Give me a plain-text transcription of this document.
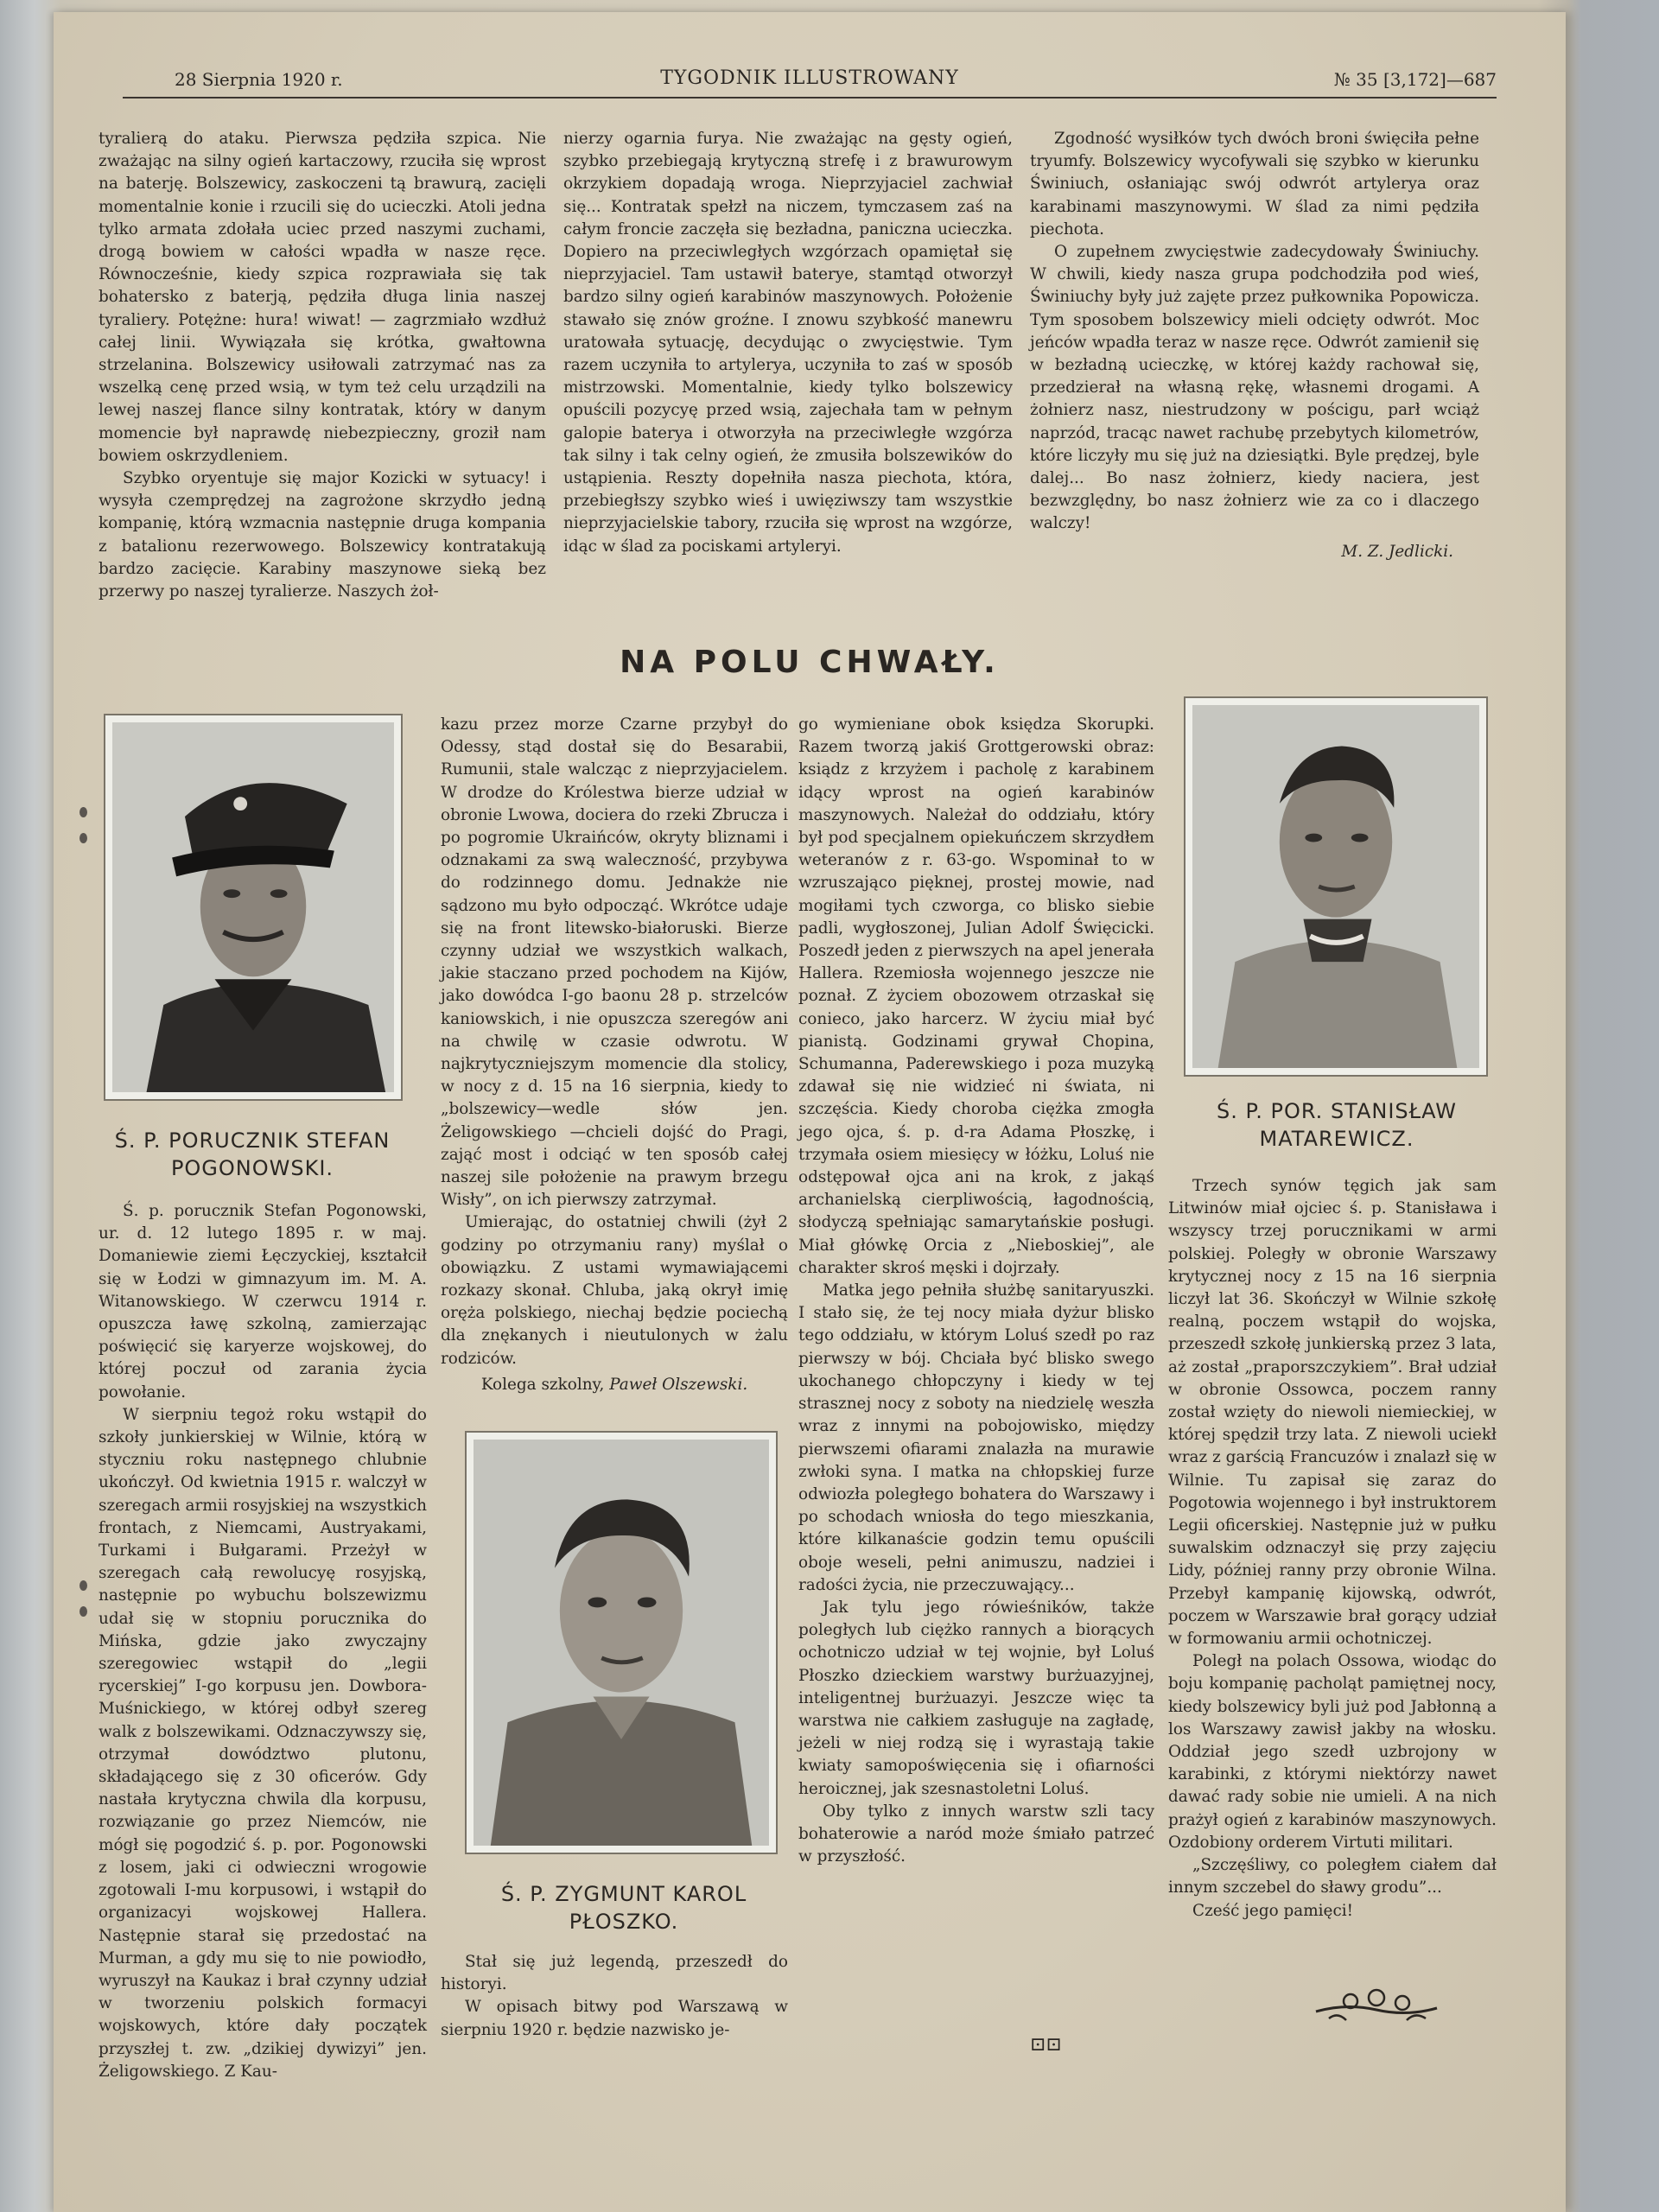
28 Sierpnia 1920 r.	TYGODNIK ILLUSTROWANY	№ 35 [3,172]—687

tyralierą do ataku. Pierwsza pędziła szpica. Nie zważając na silny ogień kartaczowy, rzuciła się wprost na baterję. Bolszewicy, zaskoczeni tą brawurą, zacięli momentalnie konie i rzucili się do ucieczki. Atoli jedna tylko armata zdołała uciec przed naszymi zuchami, drogą bowiem w całości wpadła w nasze ręce. Równocześnie, kiedy szpica rozprawiała się tak bohatersko z baterją, pędziła długa linia naszej tyraliery. Potężne: hura! wiwat! — zagrzmiało wzdłuż całej linii. Wywiązała się krótka, gwałtowna strzelanina. Bolszewicy usiłowali zatrzymać nas za wszelką cenę przed wsią, w tym też celu urządzili na lewej naszej flance silny kontratak, który w danym momencie był naprawdę niebezpieczny, groził nam bowiem oskrzydleniem.

Szybko oryentuje się major Kozicki w sytuacy! i wysyła czemprędzej na zagrożone skrzydło jedną kompanię, którą wzmacnia następnie druga kompania z batalionu rezerwowego. Bolszewicy kontratakują bardzo zacięcie. Karabiny maszynowe sieką bez przerwy po naszej tyralierze. Naszych żoł-

nierzy ogarnia furya. Nie zważając na gęsty ogień, szybko przebiegają krytyczną strefę i z brawurowym okrzykiem dopadają wroga. Nieprzyjaciel zachwiał się... Kontratak spełzł na niczem, tymczasem zaś na całym froncie zaczęła się bezładna, paniczna ucieczka. Dopiero na przeciwległych wzgórzach opamiętał się nieprzyjaciel. Tam ustawił baterye, stamtąd otworzył bardzo silny ogień karabinów maszynowych. Położenie stawało się znów groźne. I znowu szybkość manewru uratowała sytuację, decydując o zwycięstwie. Tym razem uczyniła to artylerya, uczyniła to zaś w sposób mistrzowski. Momentalnie, kiedy tylko bolszewicy opuścili pozycyę przed wsią, zajechała tam w pełnym galopie baterya i otworzyła na przeciwległe wzgórza tak silny i tak celny ogień, że zmusiła bolszewików do ustąpienia. Reszty dopełniła nasza piechota, która, przebiegłszy szybko wieś i uwięziwszy tam wszystkie nieprzyjacielskie tabory, rzuciła się wprost na wzgórze, idąc w ślad za pociskami artyleryi.

Zgodność wysiłków tych dwóch broni święciła pełne tryumfy. Bolszewicy wycofywali się szybko w kierunku Świniuch, osłaniając swój odwrót artylerya oraz karabinami maszynowymi. W ślad za nimi pędziła piechota.

O zupełnem zwycięstwie zadecydowały Świniuchy. W chwili, kiedy nasza grupa podchodziła pod wieś, Świniuchy były już zajęte przez pułkownika Popowicza. Tym sposobem bolszewicy mieli odcięty odwrót. Moc jeńców wpadła teraz w nasze ręce. Odwrót zamienił się w bezładną ucieczkę, w której każdy rachował się, przedzierał na własną rękę, własnemi drogami. A żołnierz nasz, niestrudzony w pościgu, parł wciąż naprzód, tracąc nawet rachubę przebytych kilometrów, które liczyły mu się już na dziesiątki. Byle prędzej, byle dalej... Bo nasz żołnierz, kiedy naciera, jest bezwzględny, bo nasz żołnierz wie za co i dlaczego walczy!

M. Z. Jedlicki.
NA POLU CHWAŁY.
Ś. P. PORUCZNIK STEFAN POGONOWSKI.

Ś. p. porucznik Stefan Pogonowski, ur. d. 12 lutego 1895 r. w maj. Domaniewie ziemi Łęczyckiej, kształcił się w Łodzi w gimnazyum im. M. A. Witanowskiego. W czerwcu 1914 r. opuszcza ławę szkolną, zamierzając poświęcić się karyerze wojskowej, do której poczuł od zarania życia powołanie.

W sierpniu tegoż roku wstąpił do szkoły junkierskiej w Wilnie, którą w styczniu roku następnego chlubnie ukończył. Od kwietnia 1915 r. walczył w szeregach armii rosyjskiej na wszystkich frontach, z Niemcami, Austryakami, Turkami i Bułgarami. Przeżył w szeregach całą rewolucyę rosyjską, następnie po wybuchu bolszewizmu udał się w stopniu porucznika do Mińska, gdzie jako zwyczajny szeregowiec wstąpił do „legii rycerskiej” I-go korpusu jen. Dowbora-Muśnickiego, w której odbył szereg walk z bolszewikami. Odznaczywszy się, otrzymał dowództwo plutonu, składającego się z 30 oficerów. Gdy nastała krytyczna chwila dla korpusu, rozwiązanie go przez Niemców, nie mógł się pogodzić ś. p. por. Pogonowski z losem, jaki ci odwieczni wrogowie zgotowali I-mu korpusowi, i wstąpił do organizacyi wojskowej Hallera. Następnie starał się przedostać na Murman, a gdy mu się to nie powiodło, wyruszył na Kaukaz i brał czynny udział w tworzeniu polskich formacyi wojskowych, które dały początek przyszłej t. zw. „dzikiej dywizyi” jen. Żeligowskiego. Z Kau-

kazu przez morze Czarne przybył do Odessy, stąd dostał się do Besarabii, Rumunii, stale walcząc z nieprzyjacielem. W drodze do Królestwa bierze udział w obronie Lwowa, dociera do rzeki Zbrucza i po pogromie Ukraińców, okryty bliznami i odznakami za swą waleczność, przybywa do rodzinnego domu. Jednakże nie sądzono mu było odpocząć. Wkrótce udaje się na front litewsko-białoruski. Bierze czynny udział we wszystkich walkach, jakie staczano przed pochodem na Kijów, jako dowódca I-go baonu 28 p. strzelców kaniowskich, i nie opuszcza szeregów ani na chwilę w czasie odwrotu. W najkrytyczniejszym momencie dla stolicy, w nocy z d. 15 na 16 sierpnia, kiedy to „bolszewicy—wedle słów jen. Żeligowskiego —chcieli dojść do Pragi, zająć most i odciąć w ten sposób całej naszej sile położenie na prawym brzegu Wisły”, on ich pierwszy zatrzymał.

Umierając, do ostatniej chwili (żył 2 godziny po otrzymaniu rany) myślał o obowiązku. Z ustami wymawiającemi rozkazy skonał. Chluba, jaką okrył imię oręża polskiego, niechaj będzie pociechą dla znękanych i nieutulonych w żalu rodziców.

Kolega szkolny, Paweł Olszewski.

Ś. P. ZYGMUNT KAROL PŁOSZKO.

Stał się już legendą, przeszedł do historyi.

W opisach bitwy pod Warszawą w sierpniu 1920 r. będzie nazwisko je-

go wymieniane obok księdza Skorupki. Razem tworzą jakiś Grottgerowski obraz: ksiądz z krzyżem i pacholę z karabinem idący wprost na ogień karabinów maszynowych. Należał do oddziału, który był pod specjalnem opiekuńczem skrzydłem weteranów z r. 63-go. Wspominał to w wzruszająco pięknej, prostej mowie, nad mogiłami tych czworga, co blisko siebie padli, wygłoszonej, Julian Adolf Święcicki. Poszedł jeden z pierwszych na apel jenerała Hallera. Rzemiosła wojennego jeszcze nie poznał. Z życiem obozowem otrzaskał się conieco, jako harcerz. W życiu miał być pianistą. Godzinami grywał Chopina, Schumanna, Paderewskiego i poza muzyką zdawał się nie widzieć ni świata, ni szczęścia. Kiedy choroba ciężka zmogła jego ojca, ś. p. d-ra Adama Płoszkę, i trzymała osiem miesięcy w łóżku, Loluś nie odstępował ojca ani na krok, z jakąś archanielską cierpliwością, łagodnością, słodyczą spełniając samarytańskie posługi. Miał główkę Orcia z „Nieboskiej”, ale charakter skroś męski i dojrzały.

Matka jego pełniła służbę sanitaryuszki. I stało się, że tej nocy miała dyżur blisko tego oddziału, w którym Loluś szedł po raz pierwszy w bój. Chciała być blisko swego ukochanego chłopczyny i kiedy w tej strasznej nocy z soboty na niedzielę weszła wraz z innymi na pobojowisko, między pierwszemi ofiarami znalazła na murawie zwłoki syna. I matka na chłopskiej furze odwiozła poległego bohatera do Warszawy i po schodach wniosła do tego mieszkania, które kilkanaście godzin temu opuścili oboje weseli, pełni animuszu, nadziei i radości życia, nie przeczuwający...

Jak tylu jego rówieśników, także poległych lub ciężko rannych a biorących ochotniczo udział w tej wojnie, był Loluś Płoszko dzieckiem warstwy burżuazyjnej, inteligentnej burżuazyi. Jeszcze więc ta warstwa nie całkiem zasługuje na zagładę, jeżeli w niej rodzą się i wyrastają takie kwiaty samopoświęcenia się i ofiarności heroicznej, jak szesnastoletni Loluś.

Oby tylko z innych warstw szli tacy bohaterowie a naród może śmiało patrzeć w przyszłość.

⊡⊡
Ś. P. POR. STANISŁAW MATAREWICZ.

Trzech synów tęgich jak sam Litwinów miał ojciec ś. p. Stanisława i wszyscy trzej porucznikami w armi polskiej. Poległy w obronie Warszawy krytycznej nocy z 15 na 16 sierpnia liczył lat 36. Skończył w Wilnie szkołę realną, poczem wstąpił do wojska, przeszedł szkołę junkierską przez 3 lata, aż został „praporszczykiem”. Brał udział w obronie Ossowca, poczem ranny został wzięty do niewoli niemieckiej, w której spędził trzy lata. Z niewoli uciekł wraz z garścią Francuzów i znalazł się w Wilnie. Tu zapisał się zaraz do Pogotowia wojennego i był instruktorem Legii oficerskiej. Następnie już w pułku suwalskim odznaczył się przy zajęciu Lidy, później ranny przy obronie Wilna. Przebył kampanię kijowską, odwrót, poczem w Warszawie brał gorący udział w formowaniu armii ochotniczej.

Poległ na polach Ossowa, wiodąc do boju kompanię pacholąt pamiętnej nocy, kiedy bolszewicy byli już pod Jabłonną a los Warszawy zawisł jakby na włosku. Oddział jego szedł uzbrojony w karabinki, z którymi niektórzy nawet dawać rady sobie nie umieli. A na nich prażył ogień z karabinów maszynowych. Ozdobiony orderem Virtuti militari.

„Szczęśliwy, co poległem ciałem dał innym szczebel do sławy grodu”...

Cześć jego pamięci!
